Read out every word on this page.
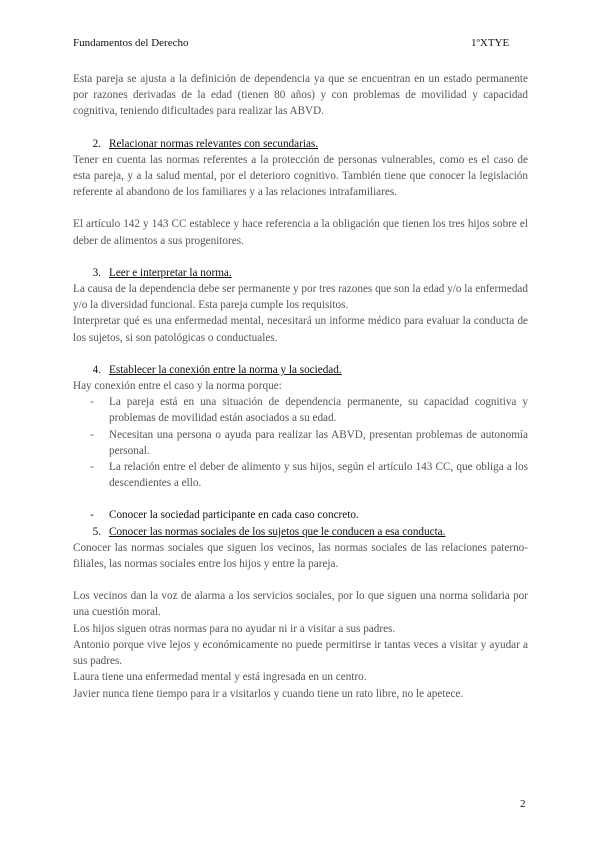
Fundamentos del Derecho	1ºXTYE

Esta pareja se ajusta a la definición de dependencia ya que se encuentran en un estado permanente por razones derivadas de la edad (tienen 80 años) y con problemas de movilidad y capacidad cognitiva, teniendo dificultades para realizar las ABVD.

2. Relacionar normas relevantes con secundarias.

Tener en cuenta las normas referentes a la protección de personas vulnerables, como es el caso de esta pareja, y a la salud mental, por el deterioro cognitivo. También tiene que conocer la legislación referente al abandono de los familiares y a las relaciones intrafamiliares.

El artículo 142 y 143 CC establece y hace referencia a la obligación que tienen los tres hijos sobre el deber de alimentos a sus progenitores.

3. Leer e interpretar la norma.

La causa de la dependencia debe ser permanente y por tres razones que son la edad y/o la enfermedad y/o la diversidad funcional. Esta pareja cumple los requisitos.

Interpretar qué es una enfermedad mental, necesitará un informe médico para evaluar la conducta de los sujetos, si son patológicas o conductuales.

4. Establecer la conexión entre la norma y la sociedad.

Hay conexión entre el caso y la norma porque:

-	La pareja está en una situación de dependencia permanente, su capacidad cognitiva y problemas de movilidad están asociados a su edad.
-	Necesitan una persona o ayuda para realizar las ABVD, presentan problemas de autonomía personal.
-	La relación entre el deber de alimento y sus hijos, según el artículo 143 CC, que obliga a los descendientes a ello.
-	Conocer la sociedad participante en cada caso concreto.
5. Conocer las normas sociales de los sujetos que le conducen a esa conducta.

Conocer las normas sociales que siguen los vecinos, las normas sociales de las relaciones paterno-filiales, las normas sociales entre los hijos y entre la pareja.

Los vecinos dan la voz de alarma a los servicios sociales, por lo que siguen una norma solidaria por una cuestión moral.

Los hijos siguen otras normas para no ayudar ni ir a visitar a sus padres.

Antonio porque vive lejos y económicamente no puede permitirse ir tantas veces a visitar y ayudar a sus padres.

Laura tiene una enfermedad mental y está ingresada en un centro.

Javier nunca tiene tiempo para ir a visitarlos y cuando tiene un rato libre, no le apetece.

2
